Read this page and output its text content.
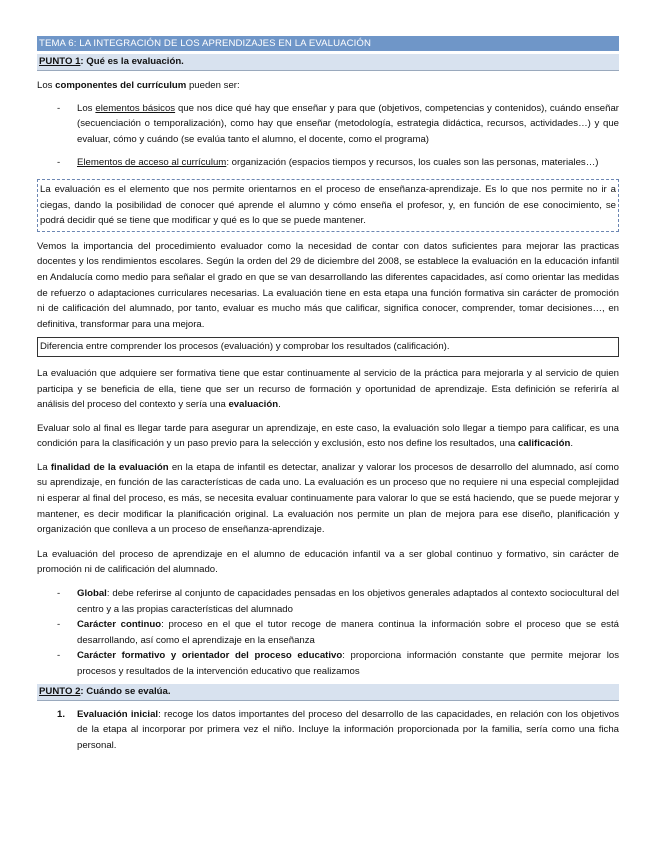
TEMA 6: LA INTEGRACIÓN DE LOS APRENDIZAJES EN LA EVALUACIÓN
PUNTO 1: Qué es la evaluación.

Los componentes del currículum pueden ser:

- Los elementos básicos que nos dice qué hay que enseñar y para que (objetivos, competencias y contenidos), cuándo enseñar (secuenciación o temporalización), como hay que enseñar (metodología, estrategia didáctica, recursos, actividades…) y que evaluar, cómo y cuándo (se evalúa tanto el alumno, el docente, como el programa)
- Elementos de acceso al currículum: organización (espacios tiempos y recursos, los cuales son las personas, materiales…)
La evaluación es el elemento que nos permite orientarnos en el proceso de enseñanza-aprendizaje. Es lo que nos permite no ir a ciegas, dando la posibilidad de conocer qué aprende el alumno y cómo enseña el profesor, y, en función de ese conocimiento, se podrá decidir qué se tiene que modificar y qué es lo que se puede mantener.

Vemos la importancia del procedimiento evaluador como la necesidad de contar con datos suficientes para mejorar las practicas docentes y los rendimientos escolares. Según la orden del 29 de diciembre del 2008, se establece la evaluación en la educación infantil en Andalucía como medio para señalar el grado en que se van desarrollando las diferentes capacidades, así como orientar las medidas de refuerzo o adaptaciones curriculares necesarias. La evaluación tiene en esta etapa una función formativa sin carácter de promoción ni de calificación del alumnado, por tanto, evaluar es mucho más que calificar, significa conocer, comprender, tomar decisiones…, en definitiva, transformar para una mejora.

Diferencia entre comprender los procesos (evaluación) y comprobar los resultados (calificación).

La evaluación que adquiere ser formativa tiene que estar continuamente al servicio de la práctica para mejorarla y al servicio de quien participa y se beneficia de ella, tiene que ser un recurso de formación y oportunidad de aprendizaje. Esta definición se referiría al análisis del proceso del contexto y sería una evaluación.

Evaluar solo al final es llegar tarde para asegurar un aprendizaje, en este caso, la evaluación solo llegar a tiempo para calificar, es una condición para la clasificación y un paso previo para la selección y exclusión, esto nos define los resultados, una calificación.

La finalidad de la evaluación en la etapa de infantil es detectar, analizar y valorar los procesos de desarrollo del alumnado, así como su aprendizaje, en función de las características de cada uno. La evaluación es un proceso que no requiere ni una especial complejidad ni esperar al final del proceso, es más, se necesita evaluar continuamente para valorar lo que se está haciendo, que se puede mejorar y mantener, es decir modificar la planificación original. La evaluación nos permite un plan de mejora para ese diseño, planificación y organización que conlleva a un proceso de enseñanza-aprendizaje.

La evaluación del proceso de aprendizaje en el alumno de educación infantil va a ser global continuo y formativo, sin carácter de promoción ni de calificación del alumnado.

- Global: debe referirse al conjunto de capacidades pensadas en los objetivos generales adaptados al contexto sociocultural del centro y a las propias características del alumnado
- Carácter continuo: proceso en el que el tutor recoge de manera continua la información sobre el proceso que se está desarrollando, así como el aprendizaje en la enseñanza
- Carácter formativo y orientador del proceso educativo: proporciona información constante que permite mejorar los procesos y resultados de la intervención educativo que realizamos
PUNTO 2: Cuándo se evalúa.
1. Evaluación inicial: recoge los datos importantes del proceso del desarrollo de las capacidades, en relación con los objetivos de la etapa al incorporar por primera vez el niño. Incluye la información proporcionada por la familia, sería como una ficha personal.
